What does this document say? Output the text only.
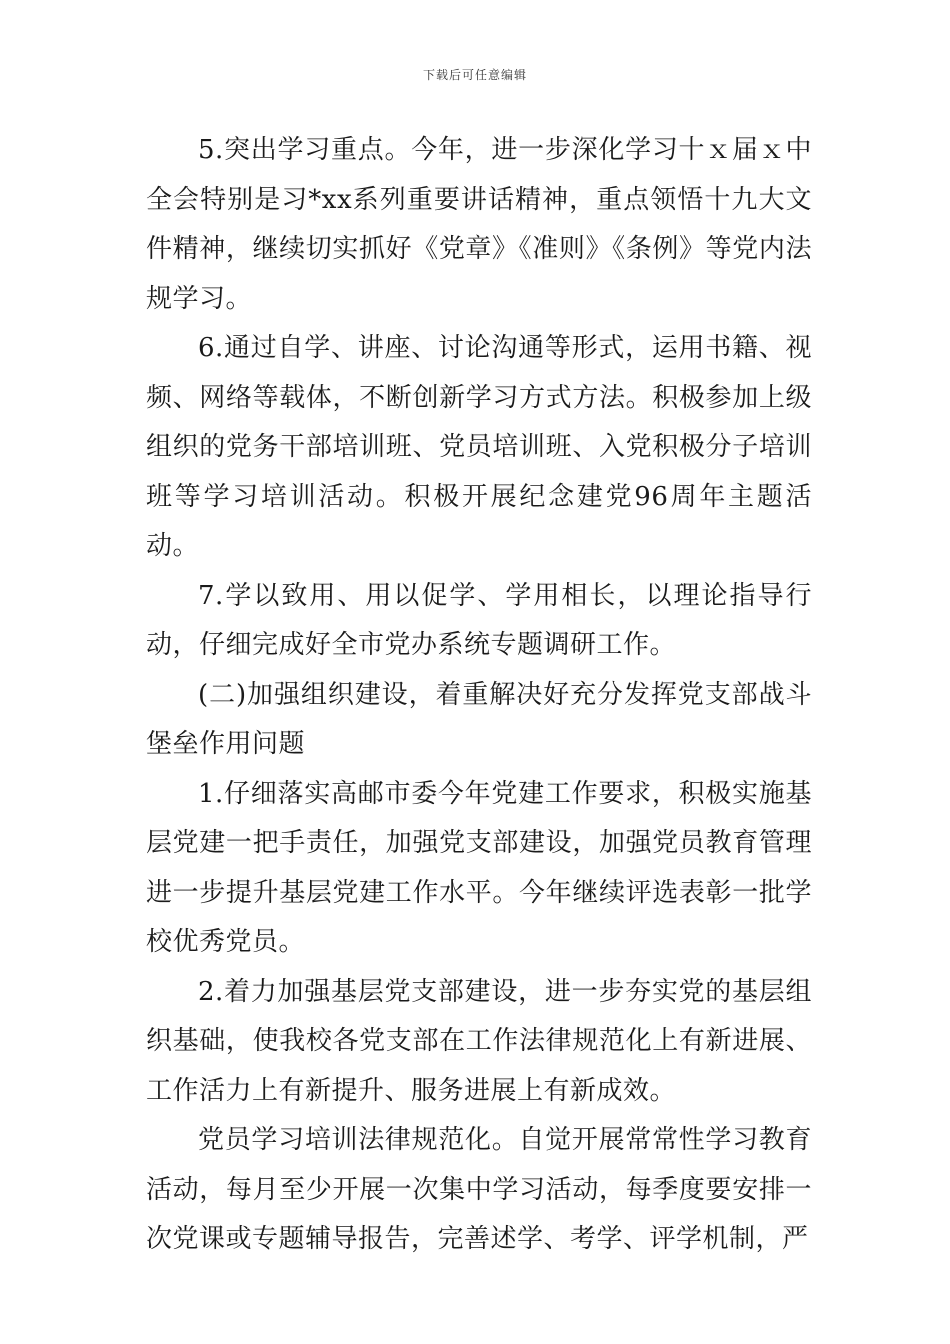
下载后可任意编辑

5.突出学习重点。今年，进一步深化学习十ｘ届ｘ中全会特别是习*xx系列重要讲话精神，重点领悟十九大文件精神，继续切实抓好《党章》《准则》《条例》等党内法规学习。

6.通过自学、讲座、讨论沟通等形式，运用书籍、视频、网络等载体，不断创新学习方式方法。积极参加上级组织的党务干部培训班、党员培训班、入党积极分子培训班等学习培训活动。积极开展纪念建党96周年主题活动。

7.学以致用、用以促学、学用相长，以理论指导行动，仔细完成好全市党办系统专题调研工作。

(二)加强组织建设，着重解决好充分发挥党支部战斗堡垒作用问题

1.仔细落实高邮市委今年党建工作要求，积极实施基层党建一把手责任，加强党支部建设，加强党员教育管理进一步提升基层党建工作水平。今年继续评选表彰一批学校优秀党员。

2.着力加强基层党支部建设，进一步夯实党的基层组织基础，使我校各党支部在工作法律规范化上有新进展、工作活力上有新提升、服务进展上有新成效。

党员学习培训法律规范化。自觉开展常常性学习教育活动，每月至少开展一次集中学习活动，每季度要安排一次党课或专题辅导报告，完善述学、考学、评学机制，严
